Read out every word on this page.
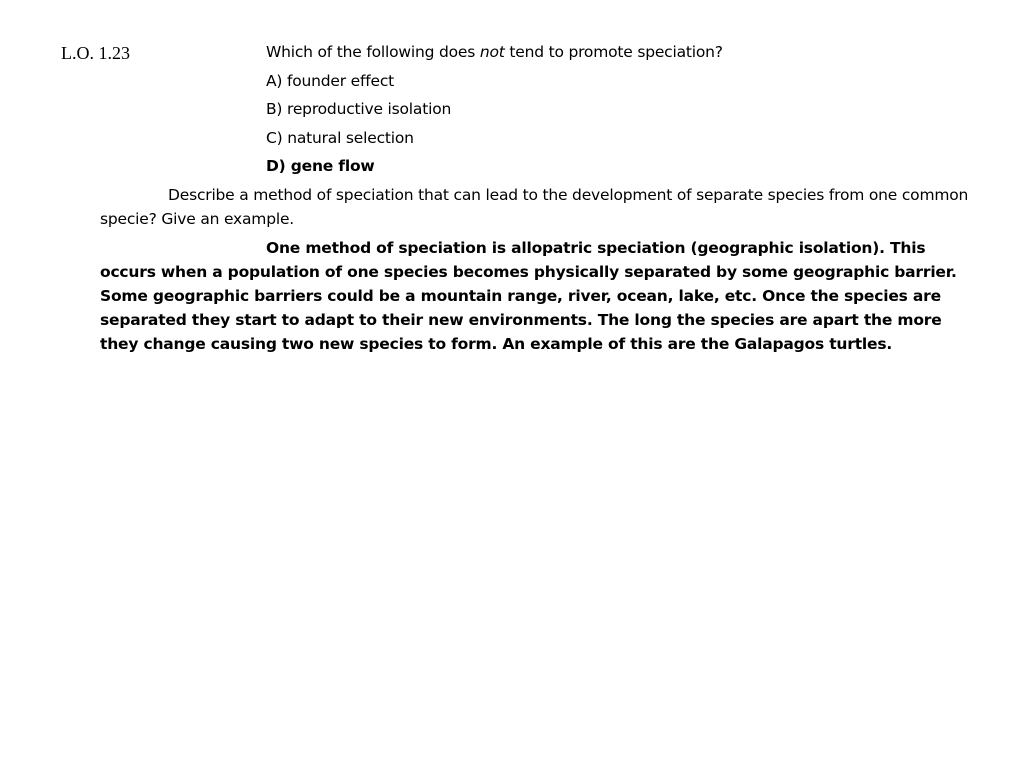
L.O. 1.23	Which of the following does not tend to promote speciation?
A) founder effect
B) reproductive isolation
C) natural selection
D) gene flow

Describe a method of speciation that can lead to the development of separate species from one common specie? Give an example.

One method of speciation is allopatric speciation (geographic isolation). This occurs when a population of one species becomes physically separated by some geographic barrier. Some geographic barriers could be a mountain range, river, ocean, lake, etc. Once the species are separated they start to adapt to their new environments. The long the species are apart the more they change causing two new species to form. An example of this are the Galapagos turtles.
